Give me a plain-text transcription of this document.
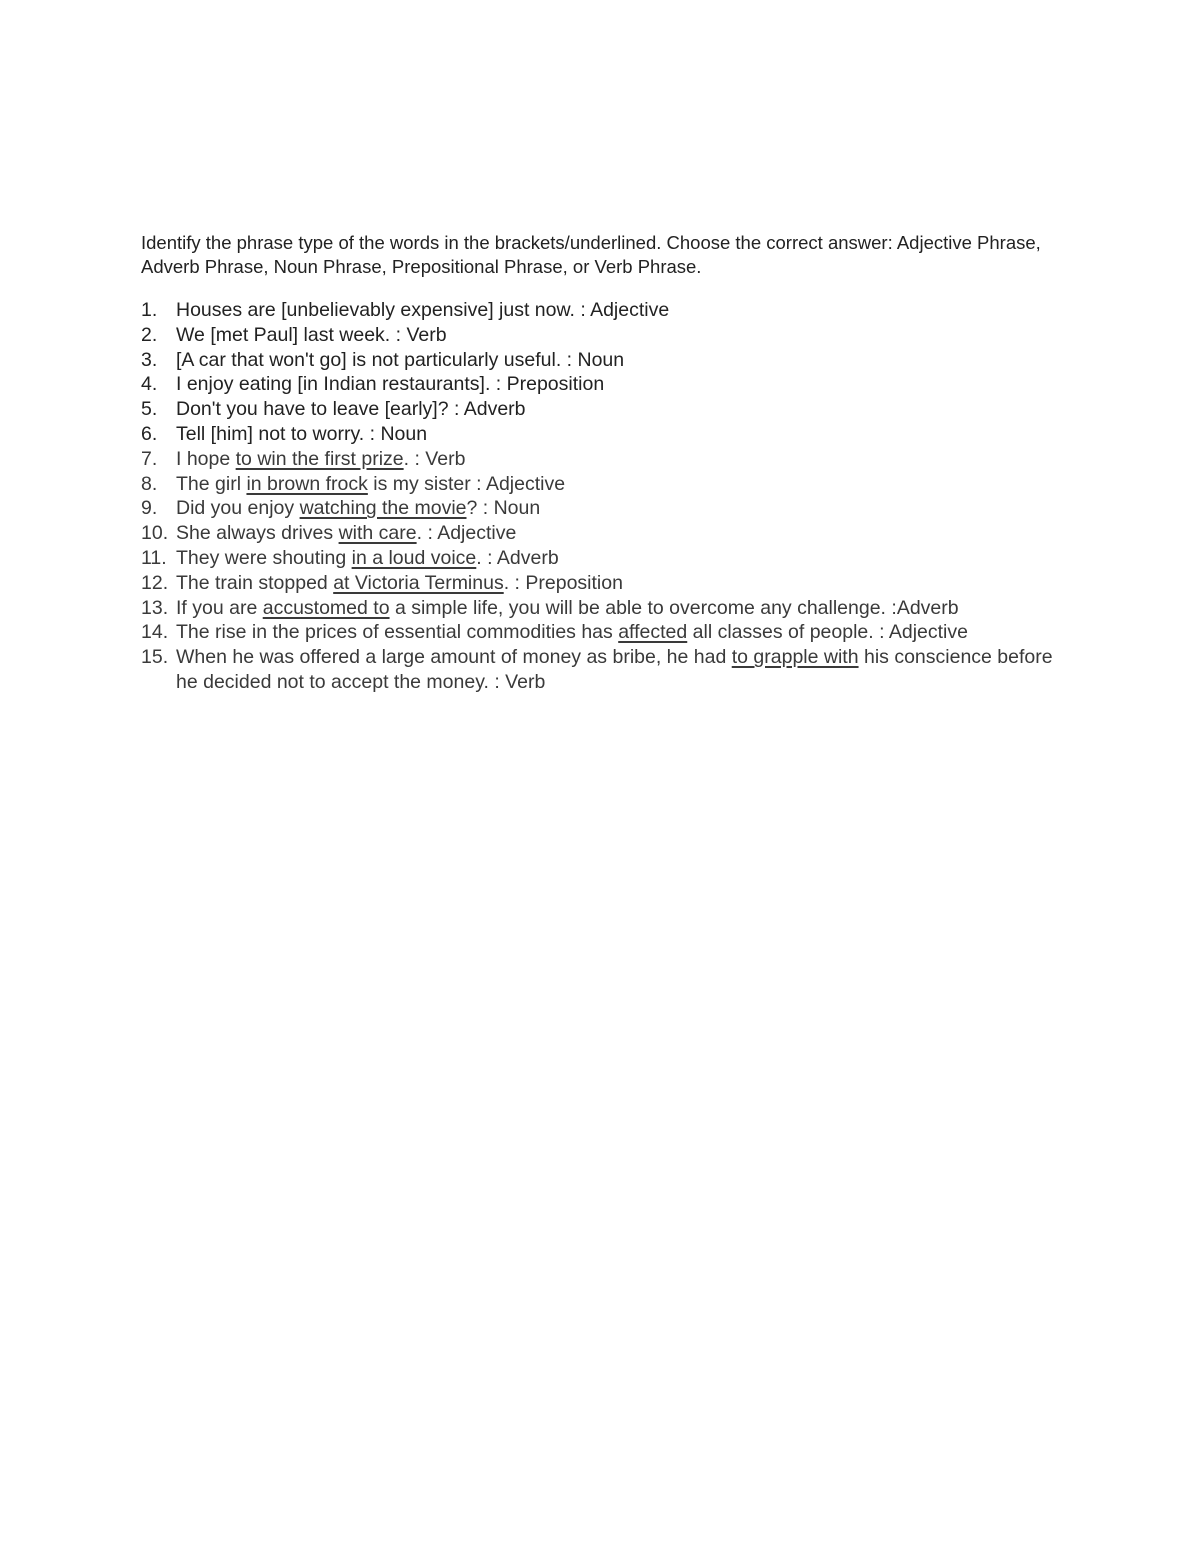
Identify the phrase type of the words in the brackets/underlined. Choose the correct answer: Adjective Phrase, Adverb Phrase, Noun Phrase, Prepositional Phrase, or Verb Phrase.

1. Houses are [unbelievably expensive] just now. : Adjective
2. We [met Paul] last week. : Verb
3. [A car that won't go] is not particularly useful. : Noun
4. I enjoy eating [in Indian restaurants]. : Preposition
5. Don't you have to leave [early]? : Adverb
6. Tell [him] not to worry. : Noun
7. I hope to win the first prize. : Verb
8. The girl in brown frock is my sister : Adjective
9. Did you enjoy watching the movie? : Noun
10. She always drives with care. : Adjective
11. They were shouting in a loud voice. : Adverb
12. The train stopped at Victoria Terminus. : Preposition
13. If you are accustomed to a simple life, you will be able to overcome any challenge. :Adverb
14. The rise in the prices of essential commodities has affected all classes of people. : Adjective
15. When he was offered a large amount of money as bribe, he had to grapple with his conscience before he decided not to accept the money. : Verb
